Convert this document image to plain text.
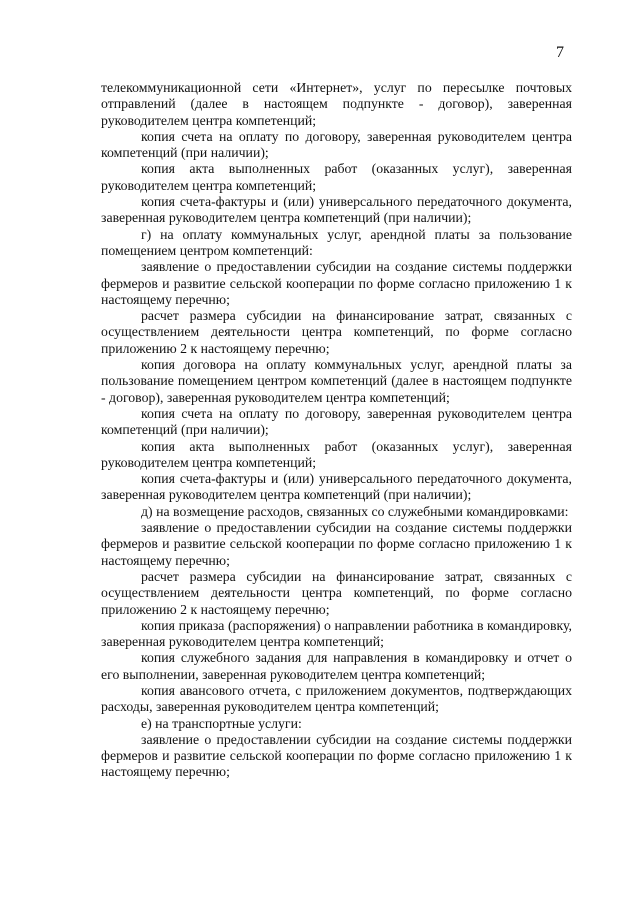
7

телекоммуникационной сети «Интернет», услуг по пересылке почтовых отправлений (далее в настоящем подпункте - договор), заверенная руководителем центра компетенций;

копия счета на оплату по договору, заверенная руководителем центра компетенций (при наличии);

копия акта выполненных работ (оказанных услуг), заверенная руководителем центра компетенций;

копия счета-фактуры и (или) универсального передаточного документа, заверенная руководителем центра компетенций (при наличии);

г) на оплату коммунальных услуг, арендной платы за пользование помещением центром компетенций:

заявление о предоставлении субсидии на создание системы поддержки фермеров и развитие сельской кооперации по форме согласно приложению 1 к настоящему перечню;

расчет размера субсидии на финансирование затрат, связанных с осуществлением деятельности центра компетенций, по форме согласно приложению 2 к настоящему перечню;

копия договора на оплату коммунальных услуг, арендной платы за пользование помещением центром компетенций (далее в настоящем подпункте - договор), заверенная руководителем центра компетенций;

копия счета на оплату по договору, заверенная руководителем центра компетенций (при наличии);

копия акта выполненных работ (оказанных услуг), заверенная руководителем центра компетенций;

копия счета-фактуры и (или) универсального передаточного документа, заверенная руководителем центра компетенций (при наличии);

д) на возмещение расходов, связанных со служебными командировками:

заявление о предоставлении субсидии на создание системы поддержки фермеров и развитие сельской кооперации по форме согласно приложению 1 к настоящему перечню;

расчет размера субсидии на финансирование затрат, связанных с осуществлением деятельности центра компетенций, по форме согласно приложению 2 к настоящему перечню;

копия приказа (распоряжения) о направлении работника в командировку, заверенная руководителем центра компетенций;

копия служебного задания для направления в командировку и отчет о его выполнении, заверенная руководителем центра компетенций;

копия авансового отчета, с приложением документов, подтверждающих расходы, заверенная руководителем центра компетенций;

е) на транспортные услуги:

заявление о предоставлении субсидии на создание системы поддержки фермеров и развитие сельской кооперации по форме согласно приложению 1 к настоящему перечню;
